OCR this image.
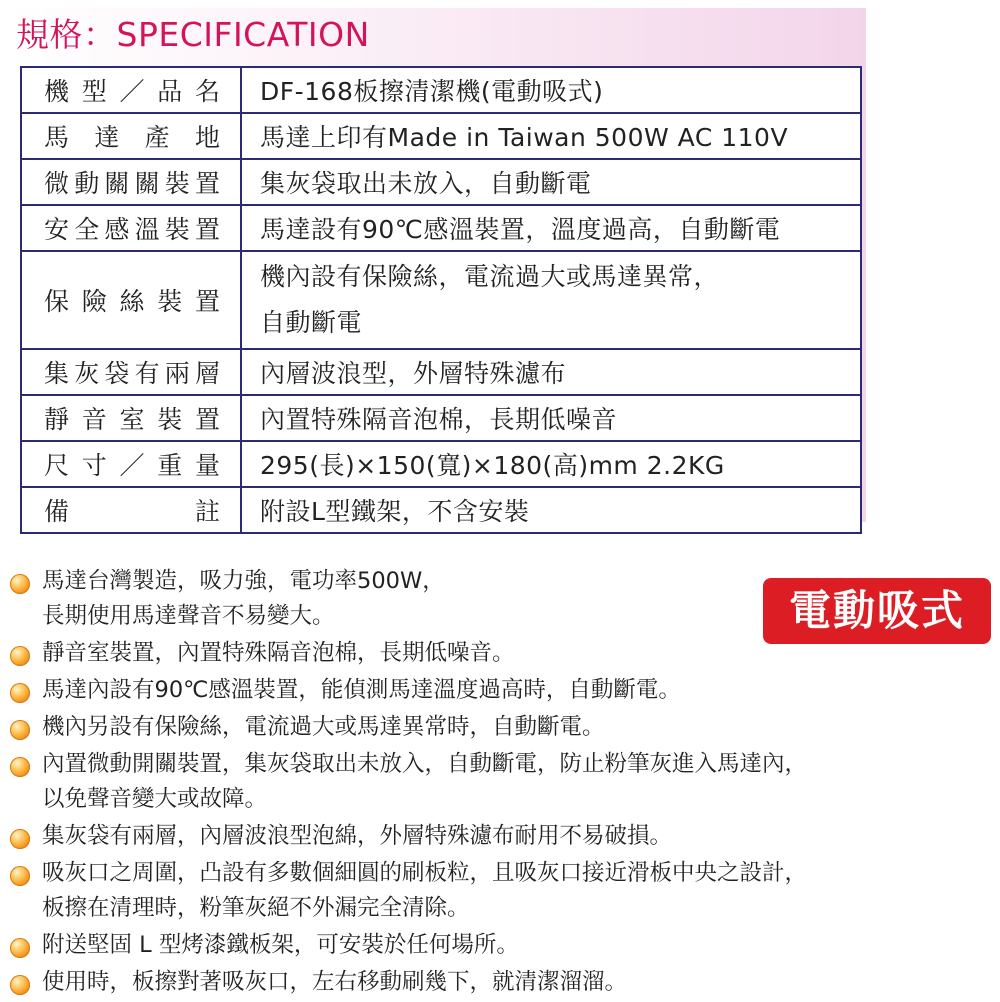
規格：SPECIFICATION
機型／品名	DF-168板擦清潔機(電動吸式)
馬達產地	馬達上印有Made in Taiwan 500W AC 110V
微動關關裝置	集灰袋取出未放入，自動斷電
安全感溫裝置	馬達設有90℃感溫裝置，溫度過高，自動斷電
保險絲裝置	機內設有保險絲，電流過大或馬達異常，
自動斷電

集灰袋有兩層	內層波浪型，外層特殊濾布
靜音室裝置	內置特殊隔音泡棉，長期低噪音
尺寸／重量	295(長)×150(寬)×180(高)mm 2.2KG
備註	附設L型鐵架，不含安裝
電動吸式
馬達台灣製造，吸力強，電功率500W，
長期使用馬達聲音不易變大。
靜音室裝置，內置特殊隔音泡棉，長期低噪音。
馬達內設有90℃感溫裝置，能偵測馬達溫度過高時，自動斷電。
機內另設有保險絲，電流過大或馬達異常時，自動斷電。
內置微動開關裝置，集灰袋取出未放入，自動斷電，防止粉筆灰進入馬達內，
以免聲音變大或故障。
集灰袋有兩層，內層波浪型泡綿，外層特殊濾布耐用不易破損。
吸灰口之周圍，凸設有多數個細圓的刷板粒，且吸灰口接近滑板中央之設計，
板擦在清理時，粉筆灰絕不外漏完全清除。
附送堅固 L 型烤漆鐵板架，可安裝於任何場所。
使用時，板擦對著吸灰口，左右移動刷幾下，就清潔溜溜。
